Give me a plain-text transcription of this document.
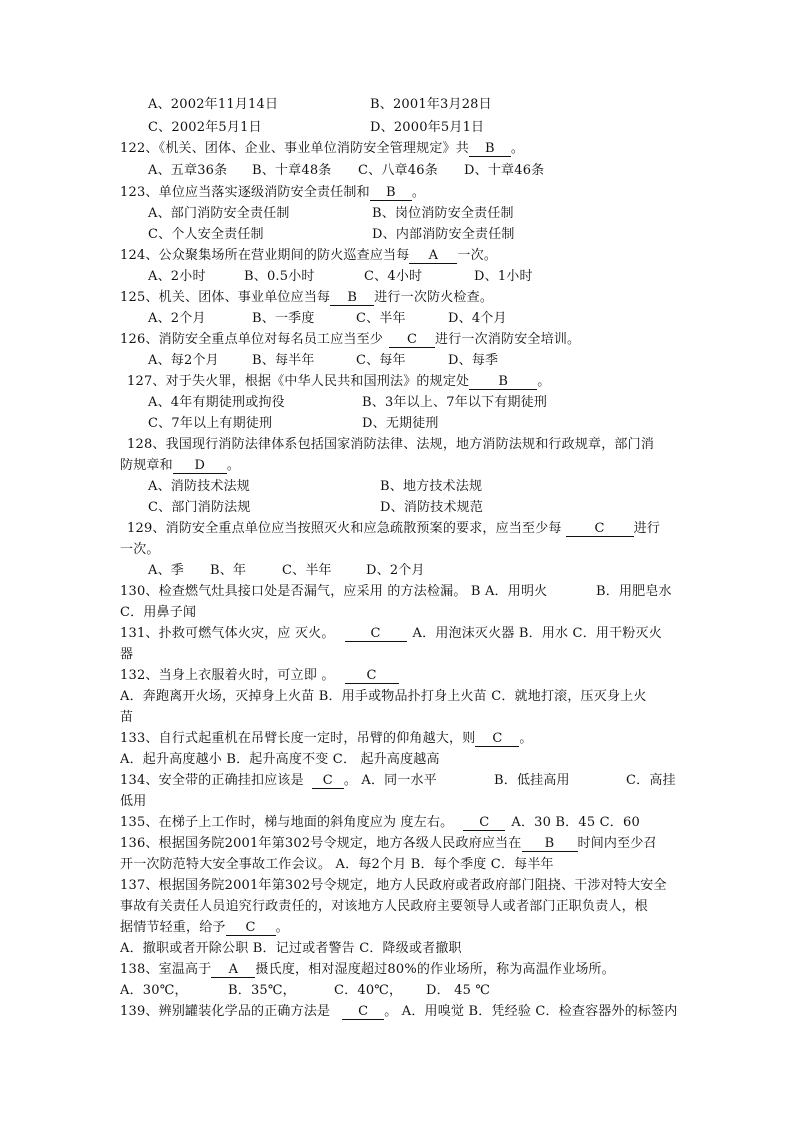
A、2002年11月14日	B、2001年3月28日
C、2002年5月1日	D、2000年5月1日
122、《机关、团体、企业、事业单位消防安全管理规定》共 B 。
A、五章36条 B、十章48条 C、八章46条 D、十章46条
123、单位应当落实逐级消防安全责任制和 B 。
A、部门消防安全责任制	B、岗位消防安全责任制
C、个人安全责任制	D、内部消防安全责任制
124、公众聚集场所在营业期间的防火巡查应当每 A 一次。
A、2小时	B、0.5小时	C、4小时	D、1小时
125、机关、团体、事业单位应当每 B 进行一次防火检查。
A、2个月	B、一季度	C、半年	D、4个月
126、消防安全重点单位对每名员工应当至少 C 进行一次消防安全培训。
A、每2个月	B、每半年	C、每年	D、每季
127、对于失火罪，根据《中华人民共和国刑法》的规定处 B 。
A、4年有期徒刑或拘役	B、3年以上、7年以下有期徒刑
C、7年以上有期徒刑	D、无期徒刑
128、我国现行消防法律体系包括国家消防法律、法规，地方消防法规和行政规章，部门消
防规章和 D 。
A、消防技术法规	B、地方技术法规
C、部门消防法规	D、消防技术规范
129、消防安全重点单位应当按照灭火和应急疏散预案的要求，应当至少每	C 进行
一次。
A、季 B、年	C、半年	D、2个月
130、检查燃气灶具接口处是否漏气，应采用 的方法检漏。 B A．用明火	B．用肥皂水
C．用鼻子闻
131、扑救可燃气体火灾，应 灭火。	C A．用泡沫灭火器 B．用水 C．用干粉灭火
器
132、当身上衣服着火时，可立即 。 C
A．奔跑离开火场，灭掉身上火苗 B．用手或物品扑打身上火苗 C．就地打滚，压灭身上火
苗
133、自行式起重机在吊臂长度一定时，吊臂的仰角越大，则 C 。
A．起升高度越小 B．起升高度不变 C． 起升高度越高
134、安全带的正确挂扣应该是 C 。 A．同一水平	B．低挂高用	C．高挂
低用
135、在梯子上工作时，梯与地面的斜角度应为 度左右。 C A．30 B．45 C．60
136、根据国务院2001年第302号令规定，地方各级人民政府应当在 B 时间内至少召
开一次防范特大安全事故工作会议。 A．每2个月 B．每个季度 C．每半年
137、根据国务院2001年第302号令规定，地方人民政府或者政府部门阻挠、干涉对特大安全
事故有关责任人员追究行政责任的，对该地方人民政府主要领导人或者部门正职负责人，根
据情节轻重，给予 C 。
A．撤职或者开除公职 B．记过或者警告 C．降级或者撤职
138、室温高于 A 摄氏度，相对湿度超过80%的作业场所，称为高温作业场所。
A．30℃，	B．35℃，	C．40℃， D． 45 ℃
139、辨别罐装化学品的正确方法是 C 。 A．用嗅觉 B．凭经验 C．检查容器外的标签内
